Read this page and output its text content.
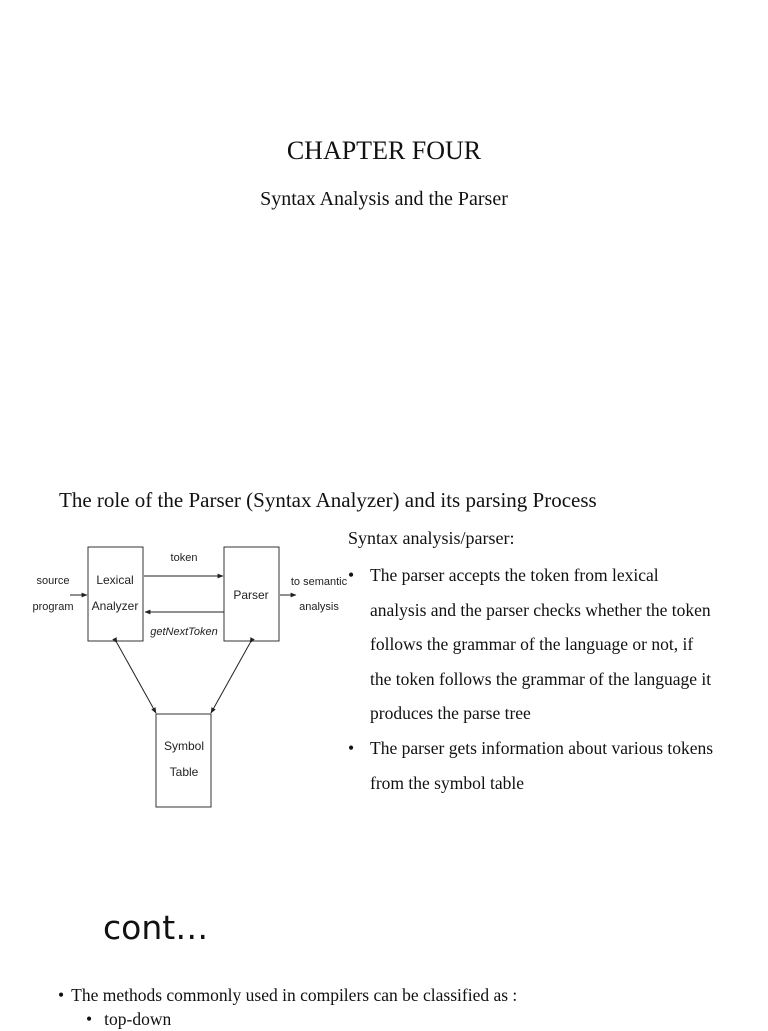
CHAPTER FOUR
Syntax Analysis and the Parser
The role of the Parser (Syntax Analyzer) and its parsing Process
source
program
Lexical
Analyzer
token
getNextToken
Parser
to semantic
analysis
Symbol
Table
Syntax analysis/parser:
• The parser accepts the token from lexical
analysis and the parser checks whether the token
follows the grammar of the language or not, if
the token follows the grammar of the language it
produces the parse tree
• The parser gets information about various tokens
from the symbol table
cont…
• The methods commonly used in compilers can be classified as :
• top-down
